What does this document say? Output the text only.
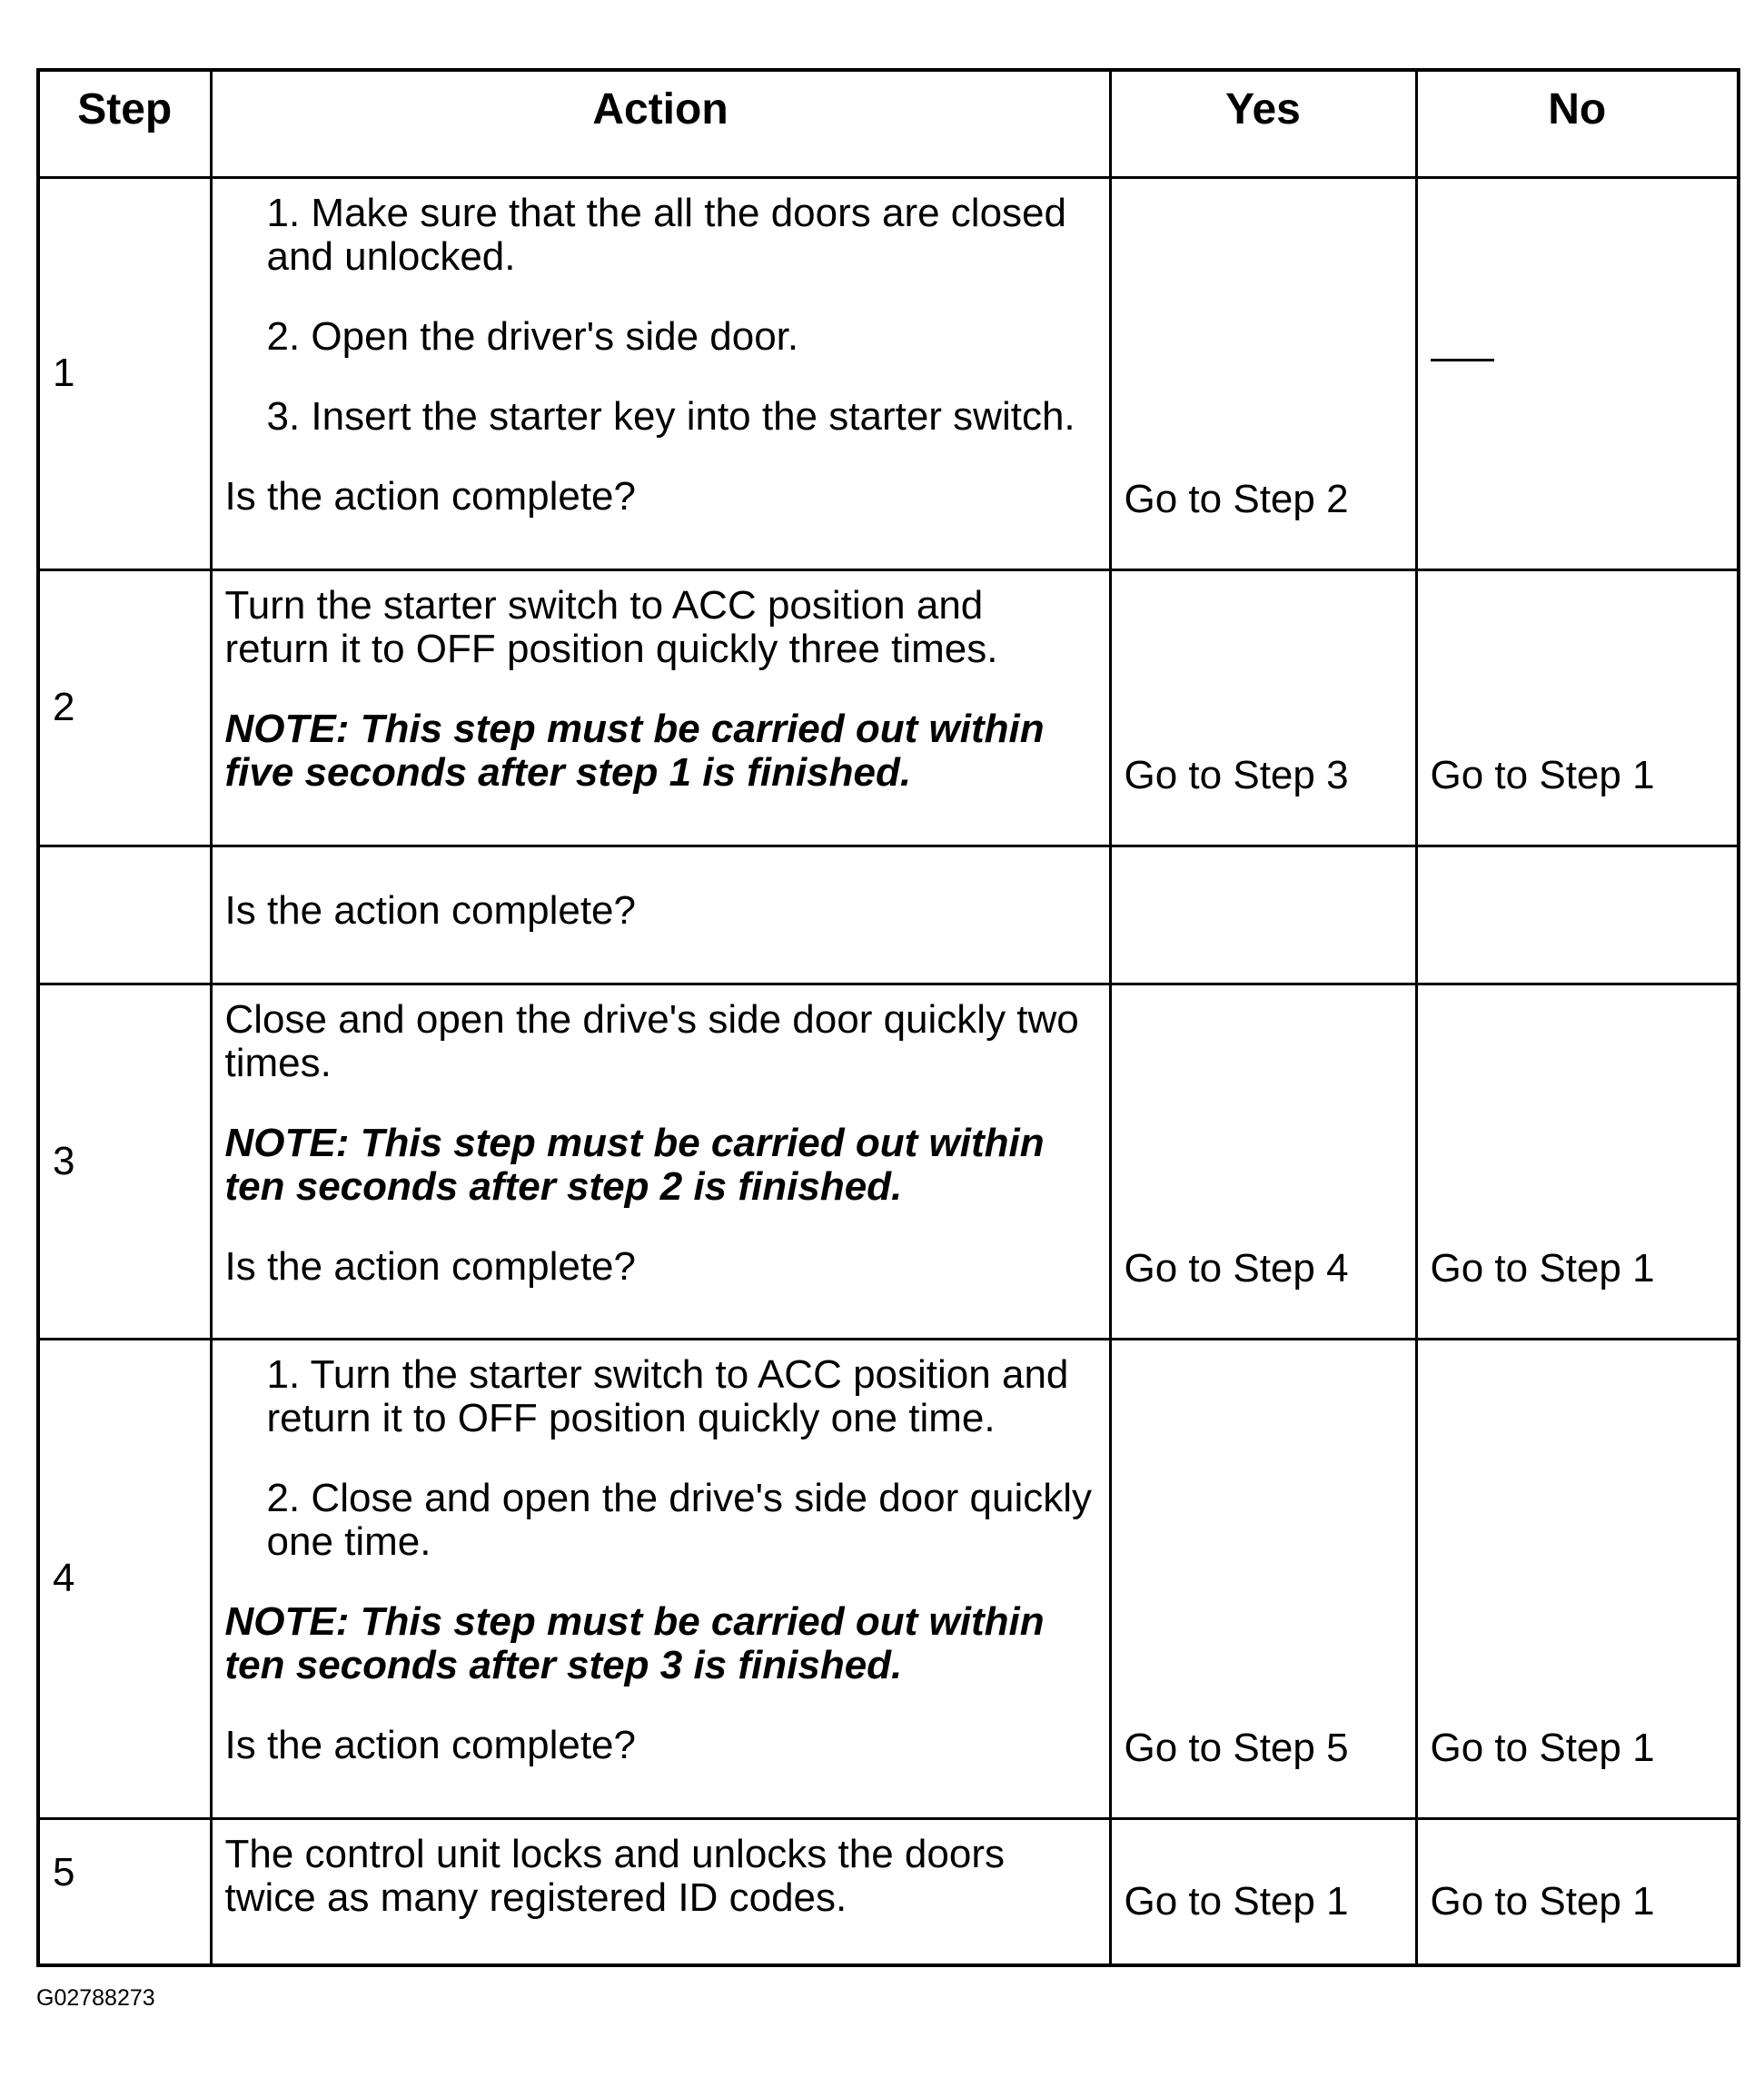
Step	Action	Yes	No
1	1. Make sure that the all the doors are closed and unlocked.

2. Open the driver's side door.

3. Insert the starter key into the starter switch.

Is the action complete?	Go to Step 2	

2	Turn the starter switch to ACC position and return it to OFF position quickly three times.

NOTE: This step must be carried out within five seconds after step 1 is finished.	Go to Step 3	Go to Step 1

	Is the action complete?		

3	Close and open the drive's side door quickly two times.

NOTE: This step must be carried out within ten seconds after step 2 is finished.

Is the action complete?	Go to Step 4	Go to Step 1
4	1. Turn the starter switch to ACC position and return it to OFF position quickly one time.

2. Close and open the drive's side door quickly one time.

NOTE: This step must be carried out within ten seconds after step 3 is finished.

Is the action complete?	Go to Step 5	Go to Step 1
5	The control unit locks and unlocks the doors twice as many registered ID codes.	Go to Step 1	Go to Step 1
G02788273
